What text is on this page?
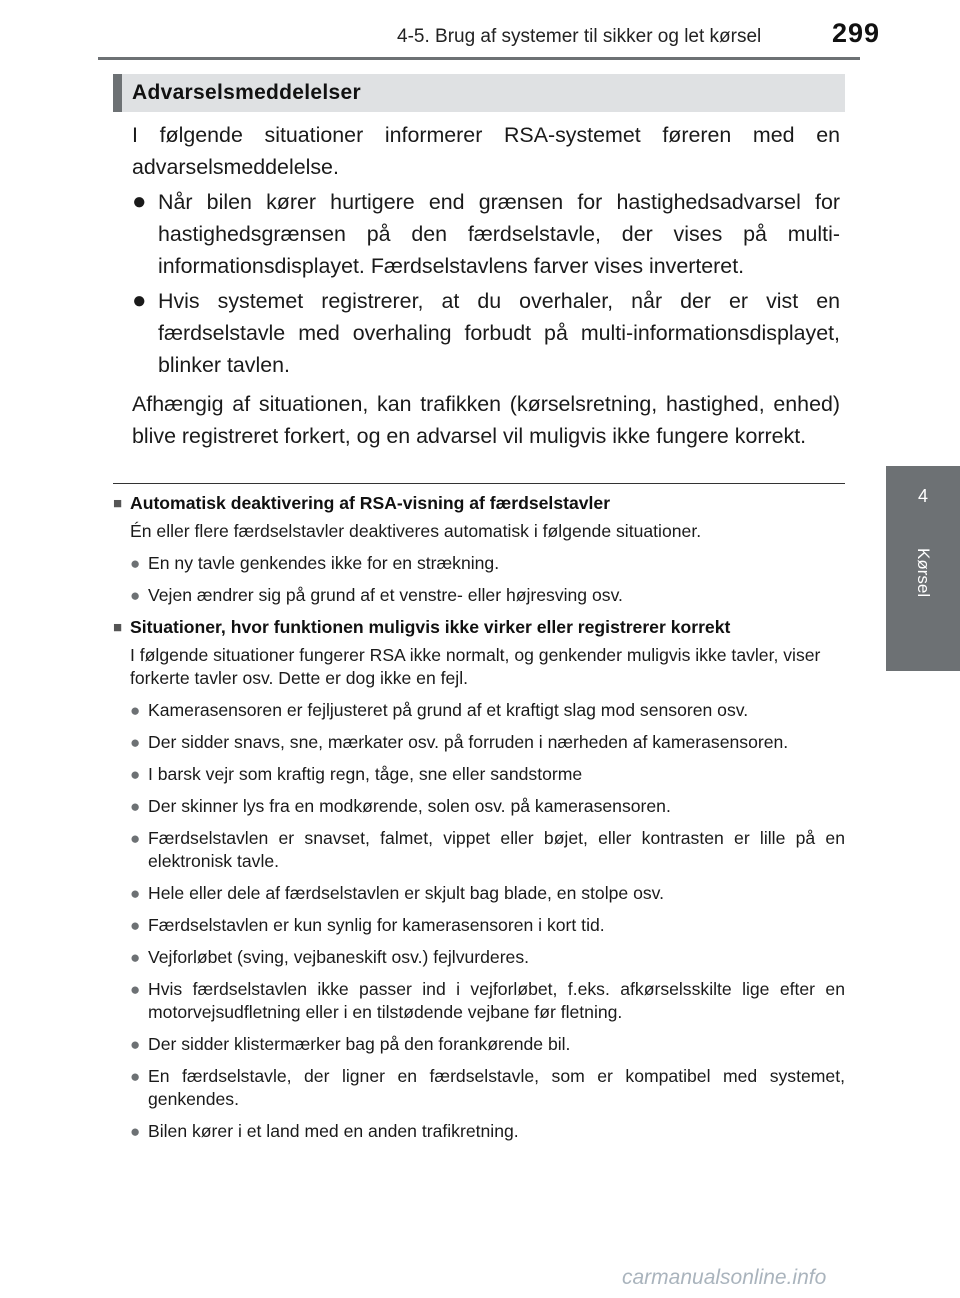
4-5. Brug af systemer til sikker og let kørsel	299
4
Kørsel
Advarselsmeddelelser

I følgende situationer informerer RSA-systemet føreren med en advarselsmeddelelse.

● Når bilen kører hurtigere end grænsen for hastighedsadvarsel for hastighedsgrænsen på den færdselstavle, der vises på multi-informationsdisplayet. Færdselstavlens farver vises inverteret.
● Hvis systemet registrerer, at du overhaler, når der er vist en færdselstavle med overhaling forbudt på multi-informationsdisplayet, blinker tavlen.

Afhængig af situationen, kan trafikken (kørselsretning, hastighed, enhed) blive registreret forkert, og en advarsel vil muligvis ikke fungere korrekt.

■ Automatisk deaktivering af RSA-visning af færdselstavler
Én eller flere færdselstavler deaktiveres automatisk i følgende situationer.
● En ny tavle genkendes ikke for en strækning.
● Vejen ændrer sig på grund af et venstre- eller højresving osv.
■ Situationer, hvor funktionen muligvis ikke virker eller registrerer korrekt
I følgende situationer fungerer RSA ikke normalt, og genkender muligvis ikke tavler, viser forkerte tavler osv. Dette er dog ikke en fejl.
● Kamerasensoren er fejljusteret på grund af et kraftigt slag mod sensoren osv.
● Der sidder snavs, sne, mærkater osv. på forruden i nærheden af kamerasensoren.
● I barsk vejr som kraftig regn, tåge, sne eller sandstorme
● Der skinner lys fra en modkørende, solen osv. på kamerasensoren.
● Færdselstavlen er snavset, falmet, vippet eller bøjet, eller kontrasten er lille på en elektronisk tavle.
● Hele eller dele af færdselstavlen er skjult bag blade, en stolpe osv.
● Færdselstavlen er kun synlig for kamerasensoren i kort tid.
● Vejforløbet (sving, vejbaneskift osv.) fejlvurderes.
● Hvis færdselstavlen ikke passer ind i vejforløbet, f.eks. afkørselsskilte lige efter en motorvejsudfletning eller i en tilstødende vejbane før fletning.
● Der sidder klistermærker bag på den forankørende bil.
● En færdselstavle, der ligner en færdselstavle, som er kompatibel med systemet, genkendes.
● Bilen kører i et land med en anden trafikretning.
carmanualsonline.info
